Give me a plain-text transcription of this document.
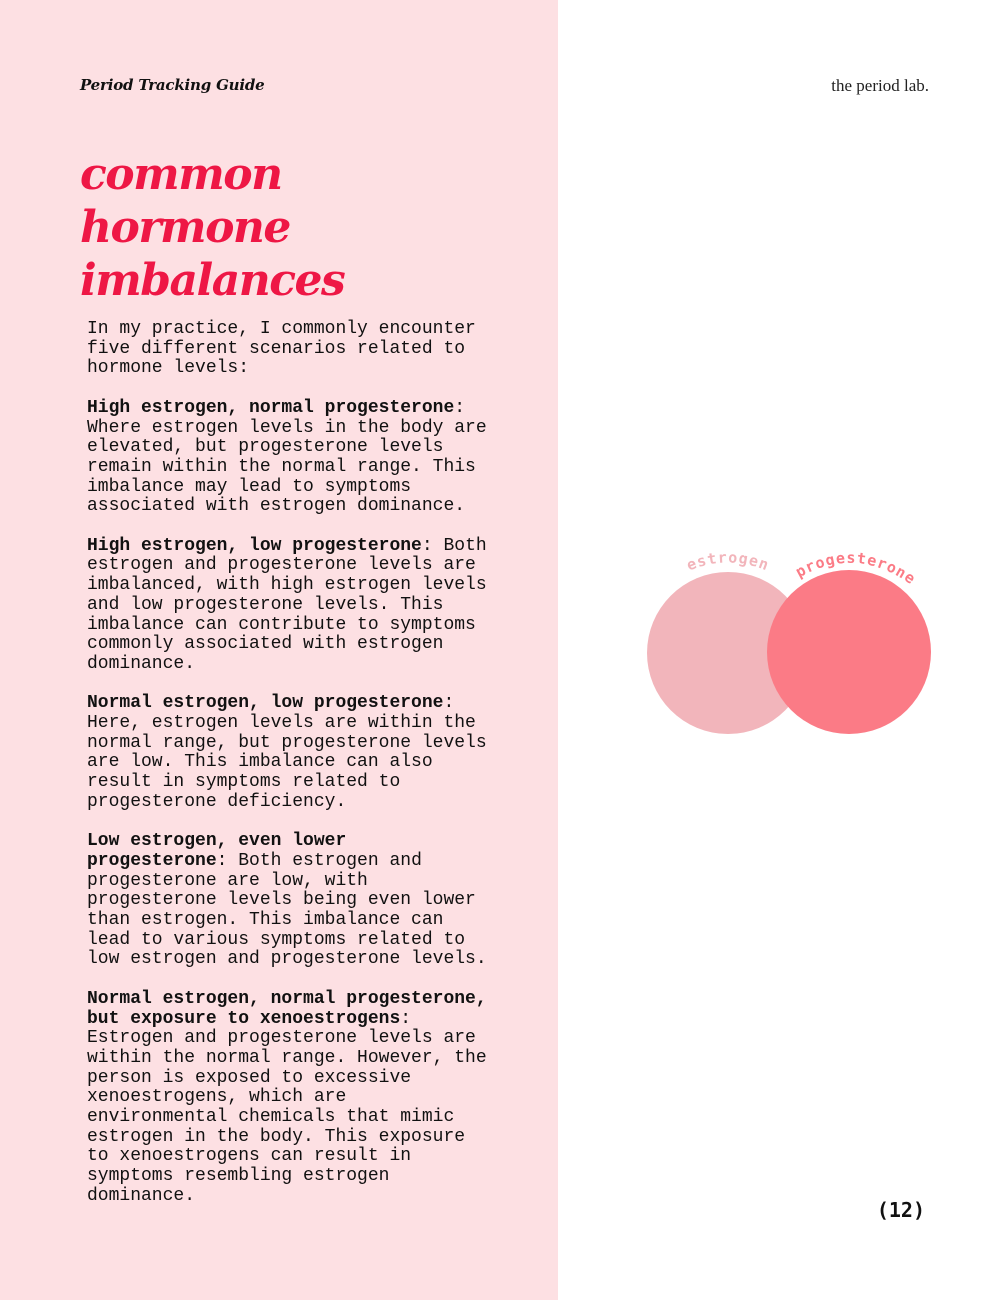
Period Tracking Guide	the period lab.
common
hormone
imbalances

In my practice, I commonly encounter
five different scenarios related to
hormone levels:

High estrogen, normal progesterone:
Where estrogen levels in the body are
elevated, but progesterone levels
remain within the normal range. This
imbalance may lead to symptoms
associated with estrogen dominance.

High estrogen, low progesterone: Both
estrogen and progesterone levels are
imbalanced, with high estrogen levels
and low progesterone levels. This
imbalance can contribute to symptoms
commonly associated with estrogen
dominance.

Normal estrogen, low progesterone:
Here, estrogen levels are within the
normal range, but progesterone levels
are low. This imbalance can also
result in symptoms related to
progesterone deficiency.

Low estrogen, even lower
progesterone: Both estrogen and
progesterone are low, with
progesterone levels being even lower
than estrogen. This imbalance can
lead to various symptoms related to
low estrogen and progesterone levels.

Normal estrogen, normal progesterone,
but exposure to xenoestrogens:
Estrogen and progesterone levels are
within the normal range. However, the
person is exposed to excessive
xenoestrogens, which are
environmental chemicals that mimic
estrogen in the body. This exposure
to xenoestrogens can result in
symptoms resembling estrogen
dominance.

estrogen progesterone
(12)
